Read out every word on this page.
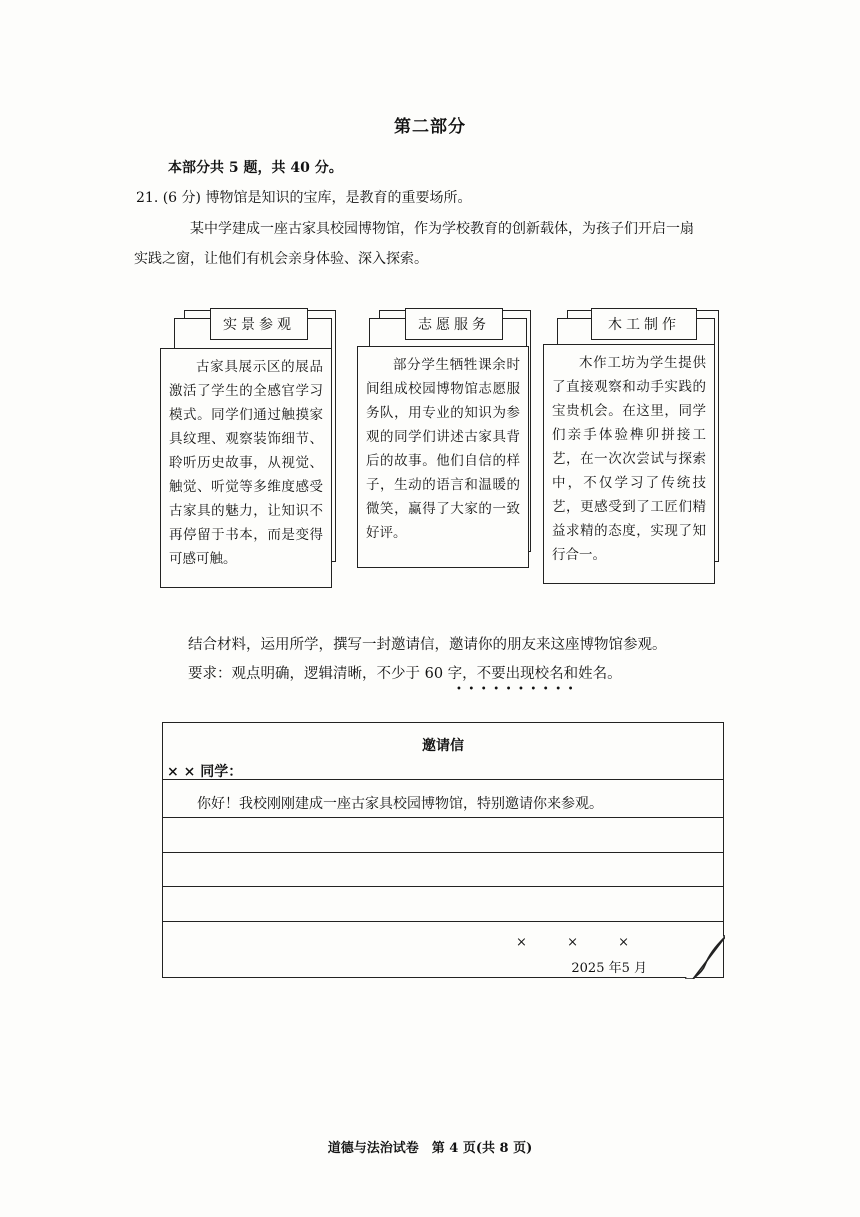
第二部分
本部分共 5 题，共 40 分。
21. (6 分) 博物馆是知识的宝库，是教育的重要场所。
某中学建成一座古家具校园博物馆，作为学校教育的创新载体，为孩子们开启一扇
实践之窗，让他们有机会亲身体验、深入探索。
实景参观
古家具展示区的展品激活了学生的全感官学习模式。同学们通过触摸家具纹理、观察装饰细节、聆听历史故事，从视觉、触觉、听觉等多维度感受古家具的魅力，让知识不再停留于书本，而是变得可感可触。
志愿服务
部分学生牺牲课余时间组成校园博物馆志愿服务队，用专业的知识为参观的同学们讲述古家具背后的故事。他们自信的样子，生动的语言和温暖的微笑，赢得了大家的一致好评。
木工制作
木作工坊为学生提供了直接观察和动手实践的宝贵机会。在这里，同学们亲手体验榫卯拼接工艺，在一次次尝试与探索中，不仅学习了传统技艺，更感受到了工匠们精益求精的态度，实现了知行合一。
结合材料，运用所学，撰写一封邀请信，邀请你的朋友来这座博物馆参观。
要求：观点明确，逻辑清晰，不少于 60 字，不要出现校名和姓名。
••••••••••
邀请信
× × 同学：
你好！我校刚刚建成一座古家具校园博物馆，特别邀请你来参观。
× × ×
2025 年5 月
道德与法治试卷　第 4 页(共 8 页)
